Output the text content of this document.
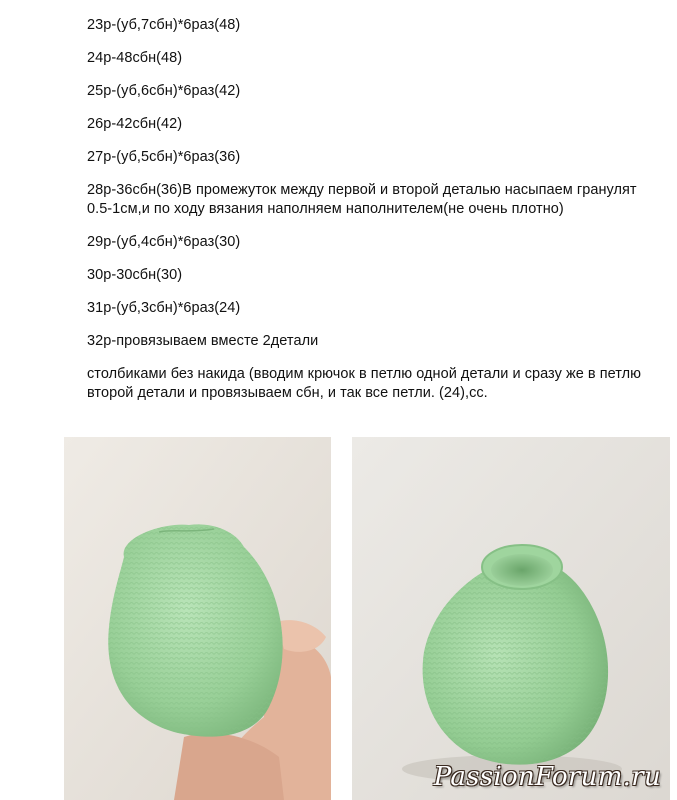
23р-(уб,7сбн)*6раз(48)

24р-48сбн(48)

25р-(уб,6сбн)*6раз(42)

26р-42сбн(42)

27р-(уб,5сбн)*6раз(36)

28р-36сбн(36)В промежуток между первой и второй деталью насыпаем гранулят 0.5-1см,и по ходу вязания наполняем наполнителем(не очень плотно)

29р-(уб,4сбн)*6раз(30)

30р-30сбн(30)

31р-(уб,3сбн)*6раз(24)

32р-провязываем вместе 2детали

столбиками без накида (вводим крючок в петлю одной детали и сразу же в петлю второй детали и провязываем сбн, и так все петли. (24),сс.

PassionForum.ru
